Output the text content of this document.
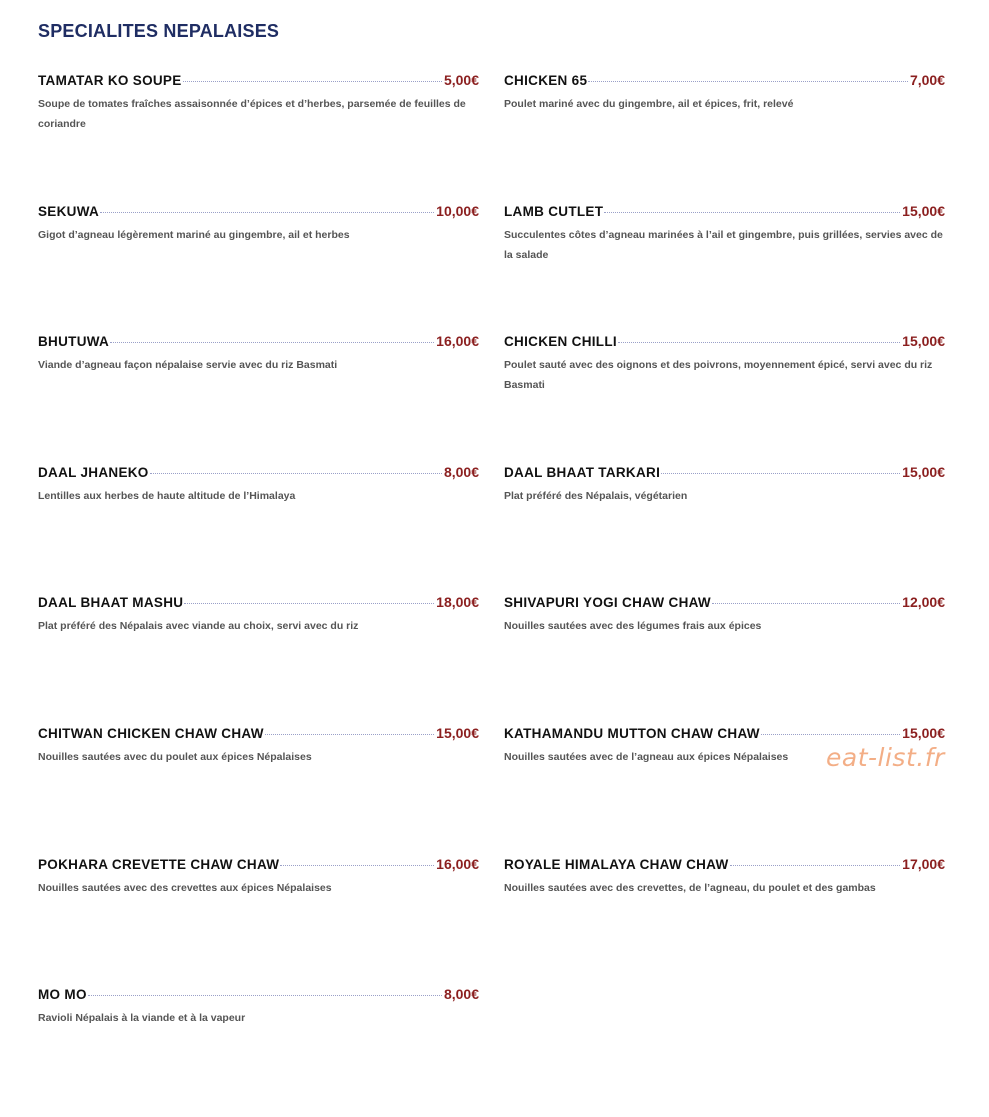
SPECIALITES NEPALAISES
TAMATAR KO SOUPE	5,00€
Soupe de tomates fraîches assaisonnée d’épices et d’herbes, parsemée de feuilles de coriandre
CHICKEN 65	7,00€
Poulet mariné avec du gingembre, ail et épices, frit, relevé
SEKUWA	10,00€
Gigot d’agneau légèrement mariné au gingembre, ail et herbes
LAMB CUTLET	15,00€
Succulentes côtes d’agneau marinées à l’ail et gingembre, puis grillées, servies avec de la salade
BHUTUWA	16,00€
Viande d’agneau façon népalaise servie avec du riz Basmati
CHICKEN CHILLI	15,00€
Poulet sauté avec des oignons et des poivrons, moyennement épicé, servi avec du riz Basmati
DAAL JHANEKO	8,00€
Lentilles aux herbes de haute altitude de l’Himalaya
DAAL BHAAT TARKARI	15,00€
Plat préféré des Népalais, végétarien
DAAL BHAAT MASHU	18,00€
Plat préféré des Népalais avec viande au choix, servi avec du riz
SHIVAPURI YOGI CHAW CHAW	12,00€
Nouilles sautées avec des légumes frais aux épices
CHITWAN CHICKEN CHAW CHAW	15,00€
Nouilles sautées avec du poulet aux épices Népalaises
KATHAMANDU MUTTON CHAW CHAW	15,00€
Nouilles sautées avec de l’agneau aux épices Népalaises
POKHARA CREVETTE CHAW CHAW	16,00€
Nouilles sautées avec des crevettes aux épices Népalaises
ROYALE HIMALAYA CHAW CHAW	17,00€
Nouilles sautées avec des crevettes, de l’agneau, du poulet et des gambas
MO MO	8,00€
Ravioli Népalais à la viande et à la vapeur
eat-list.fr
